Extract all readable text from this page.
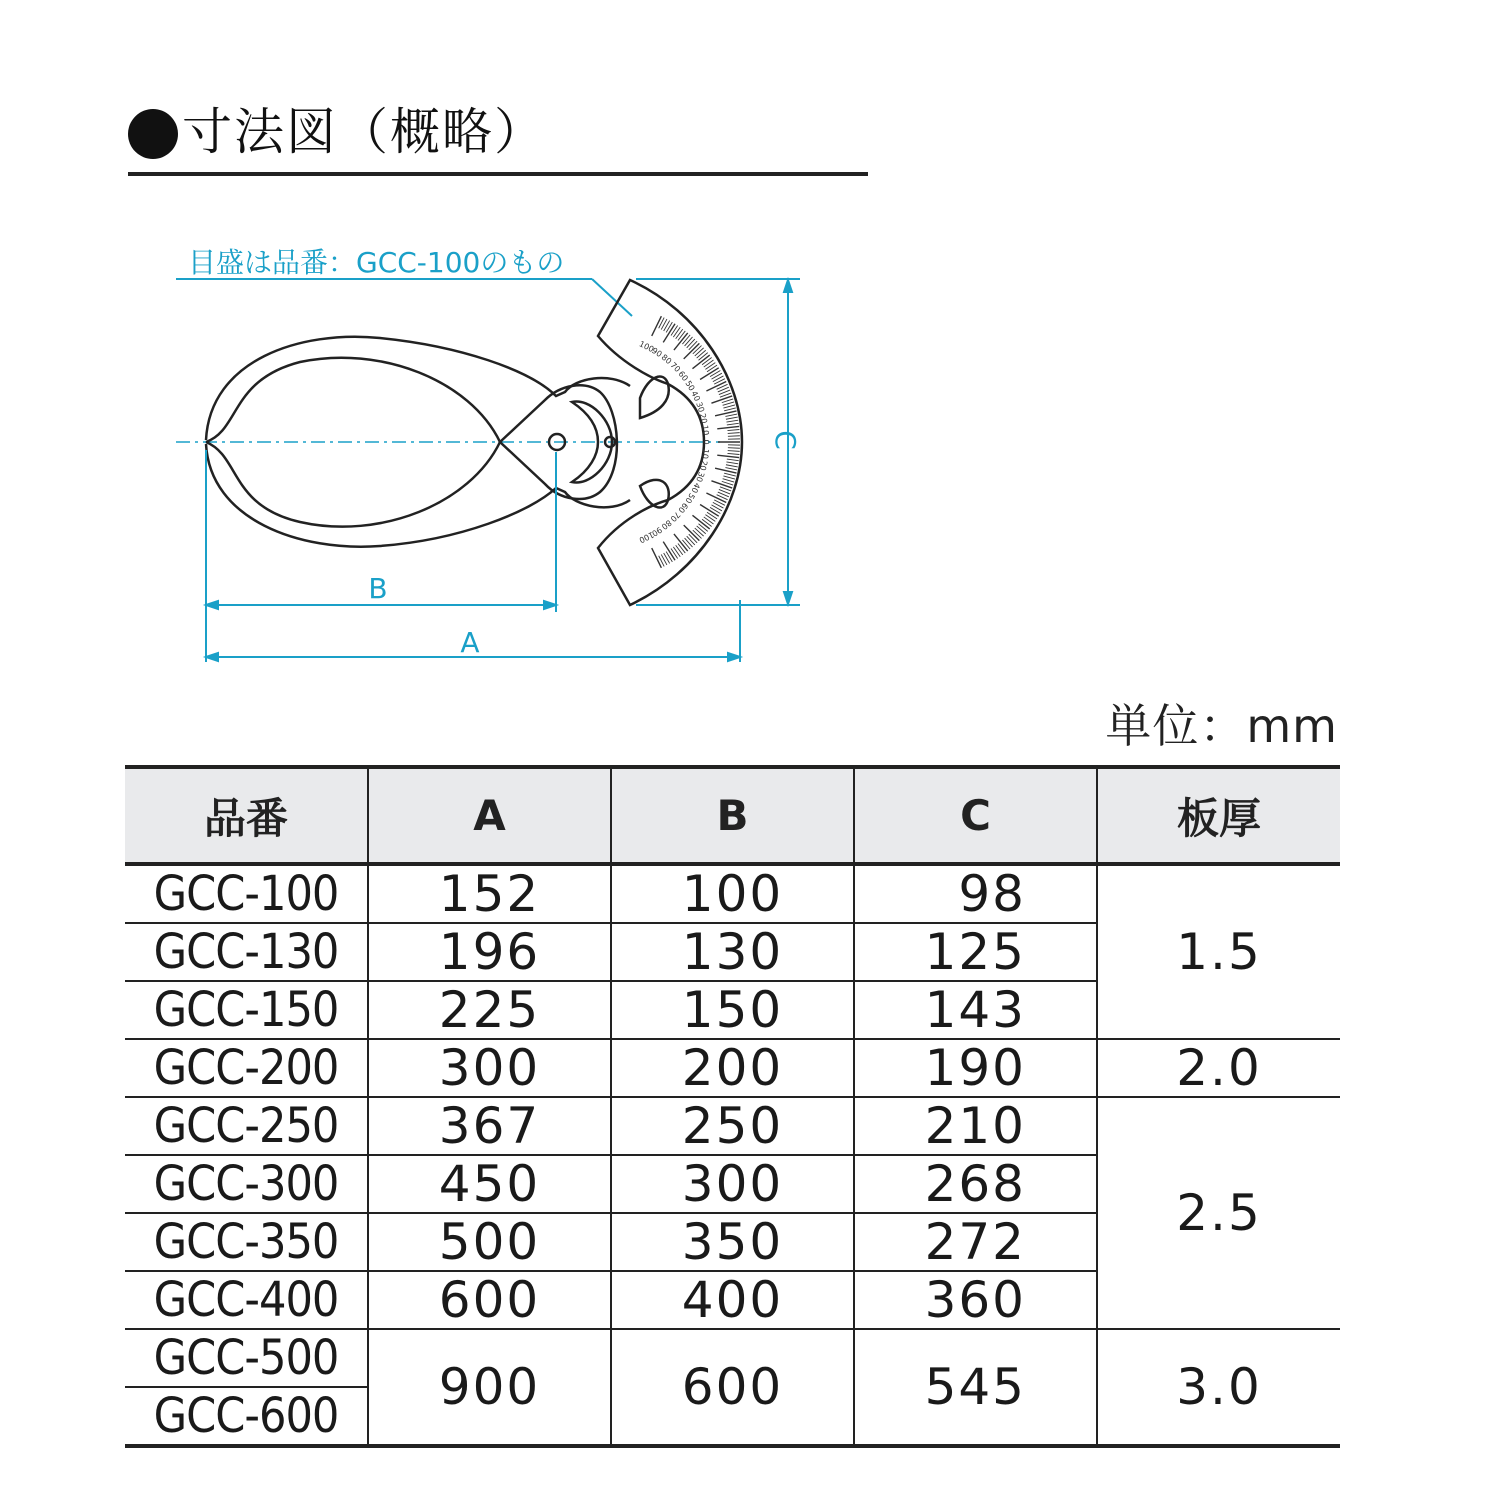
寸法図（概略）
目盛は品番：GCC-100のもの
100
90
80
70
60
50
40
30
20
10
0
10
20
30
40
50
60
70
80
90
100
B
A
C
単位：mm
品番	A	B	C	板厚
GCC-100	152	100	98	1.5
GCC-130	196	130	125	
GCC-150	225	150	143	
GCC-200	300	200	190	2.0
GCC-250	367	250	210	2.5
GCC-300	450	300	268	
GCC-350	500	350	272	
GCC-400	600	400	360	
GCC-500	900	600	545	3.0
GCC-600				
